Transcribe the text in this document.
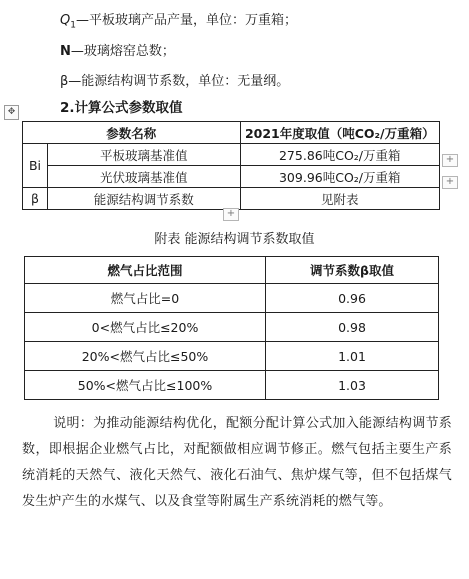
$Q_1—$平板玻璃产品产量，单位：万重箱；
N—玻璃熔窑总数；
β—能源结构调节系数，单位：无量纲。
2.计算公式参数取值
✥
参数名称		2021年度取值（吨CO₂/万重箱）
Bi	平板玻璃基准值	275.86吨CO₂/万重箱
	光伏玻璃基准值	309.96吨CO₂/万重箱
β	能源结构调节系数	见附表
+
+
+
附表 能源结构调节系数取值
燃气占比范围	调节系数β取值
燃气占比=0	0.96
0<燃气占比≤20%	0.98
20%<燃气占比≤50%	1.01
50%<燃气占比≤100%	1.03
说明：为推动能源结构优化，配额分配计算公式加入能源结构调节系数，即根据企业燃气占比，对配额做相应调节修正。燃气包括主要生产系统消耗的天然气、液化天然气、液化石油气、焦炉煤气等，但不包括煤气发生炉产生的水煤气、以及食堂等附属生产系统消耗的燃气等。
